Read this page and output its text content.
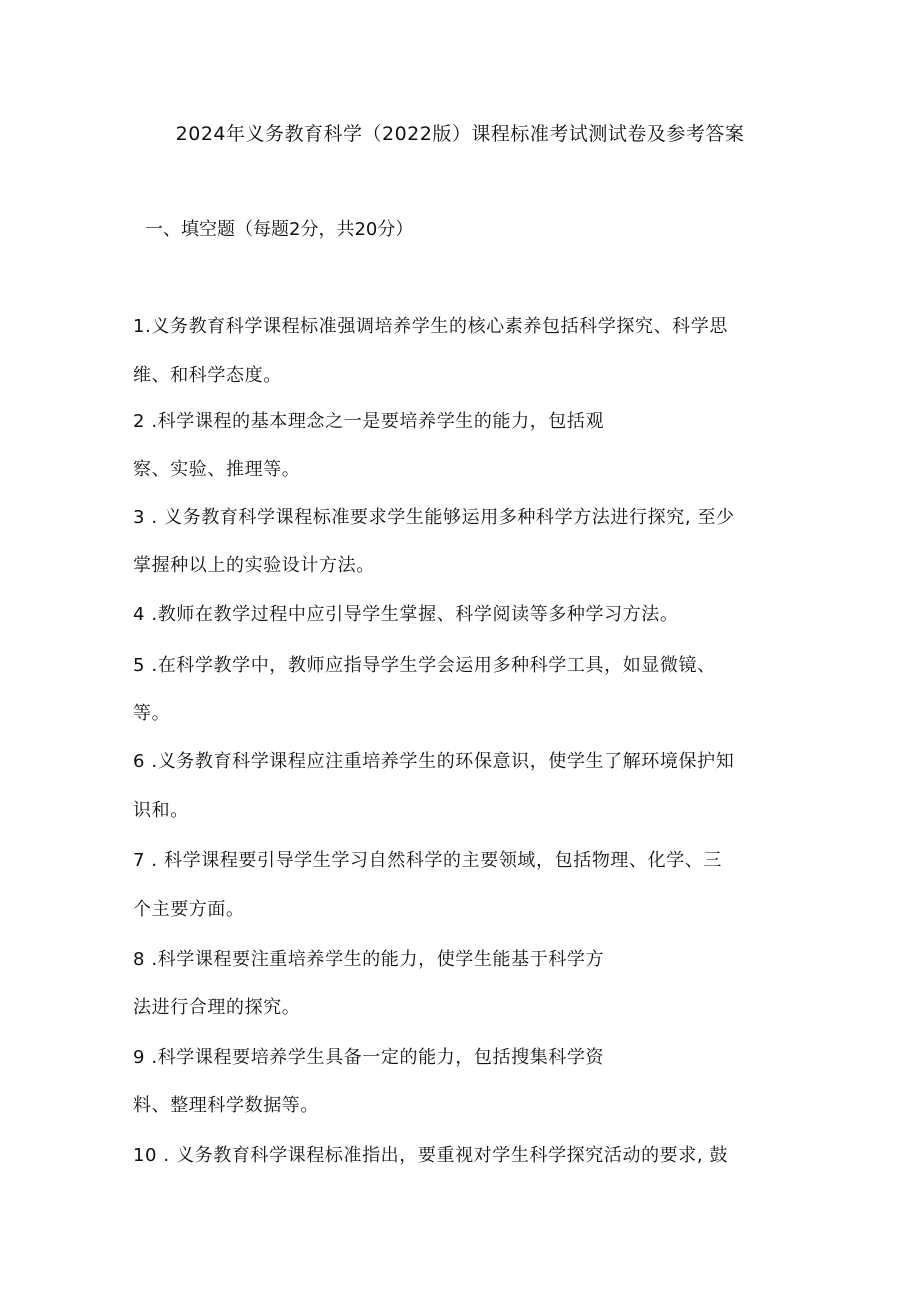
2024年义务教育科学（2022版）课程标准考试测试卷及参考答案
一、填空题（每题2分，共20分）
1.义务教育科学课程标准强调培养学生的核心素养包括科学探究、科学思
维、和科学态度。
2 .科学课程的基本理念之一是要培养学生的能力，包括观
察、实验、推理等。
3 . 义务教育科学课程标准要求学生能够运用多种科学方法进行探究, 至少
掌握种以上的实验设计方法。
4 .教师在教学过程中应引导学生掌握、科学阅读等多种学习方法。
5 .在科学教学中，教师应指导学生学会运用多种科学工具，如显微镜、
等。
6 .义务教育科学课程应注重培养学生的环保意识，使学生了解环境保护知
识和。
7 . 科学课程要引导学生学习自然科学的主要领域，包括物理、化学、三
个主要方面。
8 .科学课程要注重培养学生的能力，使学生能基于科学方
法进行合理的探究。
9 .科学课程要培养学生具备一定的能力，包括搜集科学资
料、整理科学数据等。
10 . 义务教育科学课程标准指出，要重视对学生科学探究活动的要求, 鼓
